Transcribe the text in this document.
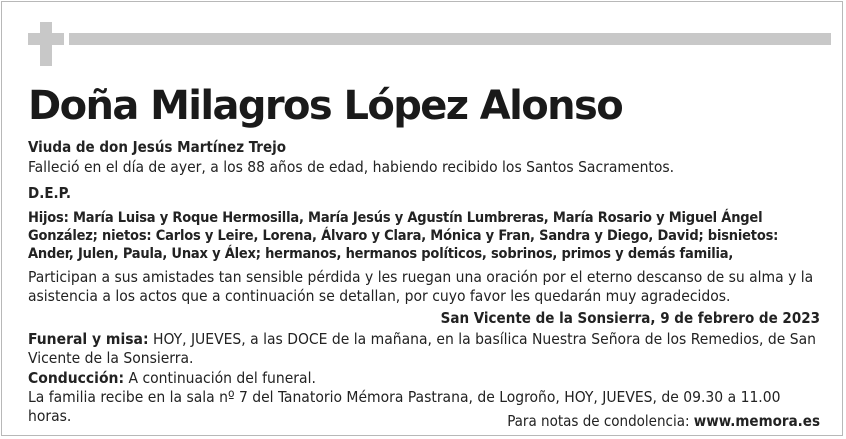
Doña Milagros López Alonso

Viuda de don Jesús Martínez Trejo

Falleció en el día de ayer, a los 88 años de edad, habiendo recibido los Santos Sacramentos.

D.E.P.

Hijos: María Luisa y Roque Hermosilla, María Jesús y Agustín Lumbreras, María Rosario y Miguel Ángel González; nietos: Carlos y Leire, Lorena, Álvaro y Clara, Mónica y Fran, Sandra y Diego, David; bisnietos: Ander, Julen, Paula, Unax y Álex; hermanos, hermanos políticos, sobrinos, primos y demás familia,

Participan a sus amistades tan sensible pérdida y les ruegan una oración por el eterno descanso de su alma y la asistencia a los actos que a continuación se detallan, por cuyo favor les quedarán muy agradecidos.

San Vicente de la Sonsierra, 9 de febrero de 2023

Funeral y misa: HOY, JUEVES, a las DOCE de la mañana, en la basílica Nuestra Señora de los Remedios, de San Vicente de la Sonsierra.

Conducción: A continuación del funeral.

La familia recibe en la sala nº 7 del Tanatorio Mémora Pastrana, de Logroño, HOY, JUEVES, de 09.30 a 11.00 horas.	Para notas de condolencia: www.memora.es
